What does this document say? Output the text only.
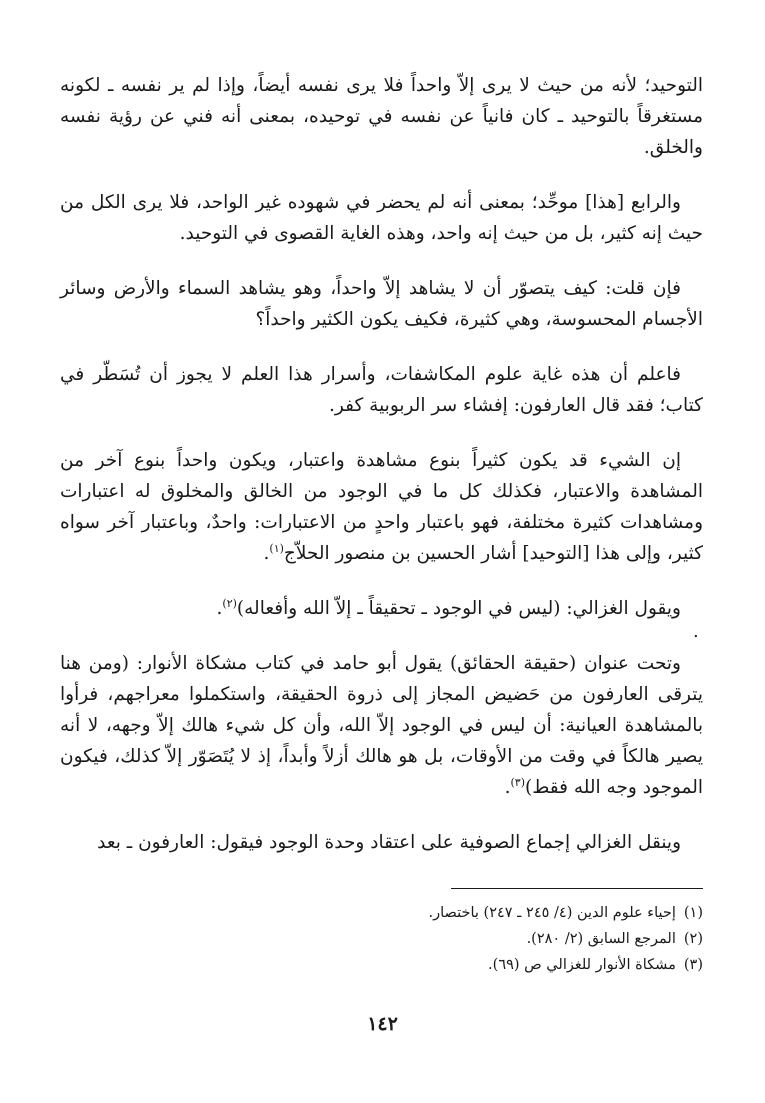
التوحيد؛ لأنه من حيث لا يرى إلاّ واحداً فلا يرى نفسه أيضاً، وإذا لم ير نفسه ـ لكونه مستغرقاً بالتوحيد ـ كان فانياً عن نفسه في توحيده، بمعنى أنه فني عن رؤية نفسه والخلق.

والرابع [هذا] موحِّد؛ بمعنى أنه لم يحضر في شهوده غير الواحد، فلا يرى الكل من حيث إنه كثير، بل من حيث إنه واحد، وهذه الغاية القصوى في التوحيد.

فإن قلت: كيف يتصوّر أن لا يشاهد إلاّ واحداً، وهو يشاهد السماء والأرض وسائر الأجسام المحسوسة، وهي كثيرة، فكيف يكون الكثير واحداً؟

فاعلم أن هذه غاية علوم المكاشفات، وأسرار هذا العلم لا يجوز أن تُسَطّر في كتاب؛ فقد قال العارفون: إفشاء سر الربوبية كفر.

إن الشيء قد يكون كثيراً بنوع مشاهدة واعتبار، ويكون واحداً بنوع آخر من المشاهدة والاعتبار، فكذلك كل ما في الوجود من الخالق والمخلوق له اعتبارات ومشاهدات كثيرة مختلفة، فهو باعتبار واحدٍ من الاعتبارات: واحدٌ، وباعتبار آخر سواه كثير، وإلى هذا [التوحيد] أشار الحسين بن منصور الحلاّج$^{(١)}$.

ويقول الغزالي: (ليس في الوجود ـ تحقيقاً ـ إلاّ الله وأفعاله)$^{(٢)}$.

وتحت عنوان (حقيقة الحقائق) يقول أبو حامد في كتاب مشكاة الأنوار: (ومن هنا يترقى العارفون من حَضيض المجاز إلى ذروة الحقيقة، واستكملوا معراجهم، فرأوا بالمشاهدة العيانية: أن ليس في الوجود إلاّ الله، وأن كل شيء هالك إلاّ وجهه، لا أنه يصير هالكاً في وقت من الأوقات، بل هو هالك أزلاً وأبداً، إذ لا يُتَصَوّر إلاّ كذلك، فيكون الموجود وجه الله فقط)$^{(٣)}$.

وينقل الغزالي إجماع الصوفية على اعتقاد وحدة الوجود فيقول: العارفون ـ بعد

.

(١)إحياء علوم الدين (٤/ ٢٤٥ ـ ٢٤٧) باختصار.

(٢)المرجع السابق (٢/ ٢٨٠).

(٣)مشكاة الأنوار للغزالي ص (٦٩).

١٤٢
